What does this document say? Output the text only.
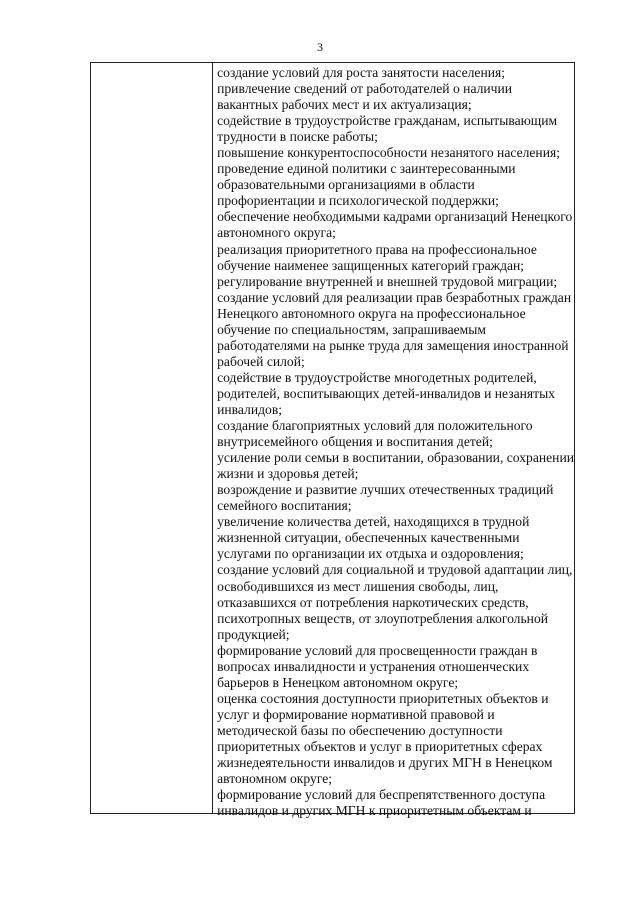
3
создание условий для роста занятости населения;
привлечение сведений от работодателей о наличии
вакантных рабочих мест и их актуализация;
содействие в трудоустройстве гражданам, испытывающим
трудности в поиске работы;
повышение конкурентоспособности незанятого населения;
проведение единой политики с заинтересованными
образовательными организациями в области
профориентации и психологической поддержки;
обеспечение необходимыми кадрами организаций Ненецкого
автономного округа;
реализация приоритетного права на профессиональное
обучение наименее защищенных категорий граждан;
регулирование внутренней и внешней трудовой миграции;
создание условий для реализации прав безработных граждан
Ненецкого автономного округа на профессиональное
обучение по специальностям, запрашиваемым
работодателями на рынке труда для замещения иностранной
рабочей силой;
содействие в трудоустройстве многодетных родителей,
родителей, воспитывающих детей-инвалидов и незанятых
инвалидов;
создание благоприятных условий для положительного
внутрисемейного общения и воспитания детей;
усиление роли семьи в воспитании, образовании, сохранении
жизни и здоровья детей;
возрождение и развитие лучших отечественных традиций
семейного воспитания;
увеличение количества детей, находящихся в трудной
жизненной ситуации, обеспеченных качественными
услугами по организации их отдыха и оздоровления;
создание условий для социальной и трудовой адаптации лиц,
освободившихся из мест лишения свободы, лиц,
отказавшихся от потребления наркотических средств,
психотропных веществ, от злоупотребления алкогольной
продукцией;
формирование условий для просвещенности граждан в
вопросах инвалидности и устранения отношенческих
барьеров в Ненецком автономном округе;
оценка состояния доступности приоритетных объектов и
услуг и формирование нормативной правовой и
методической базы по обеспечению доступности
приоритетных объектов и услуг в приоритетных сферах
жизнедеятельности инвалидов и других МГН в Ненецком
автономном округе;
формирование условий для беспрепятственного доступа
инвалидов и других МГН к приоритетным объектам и
